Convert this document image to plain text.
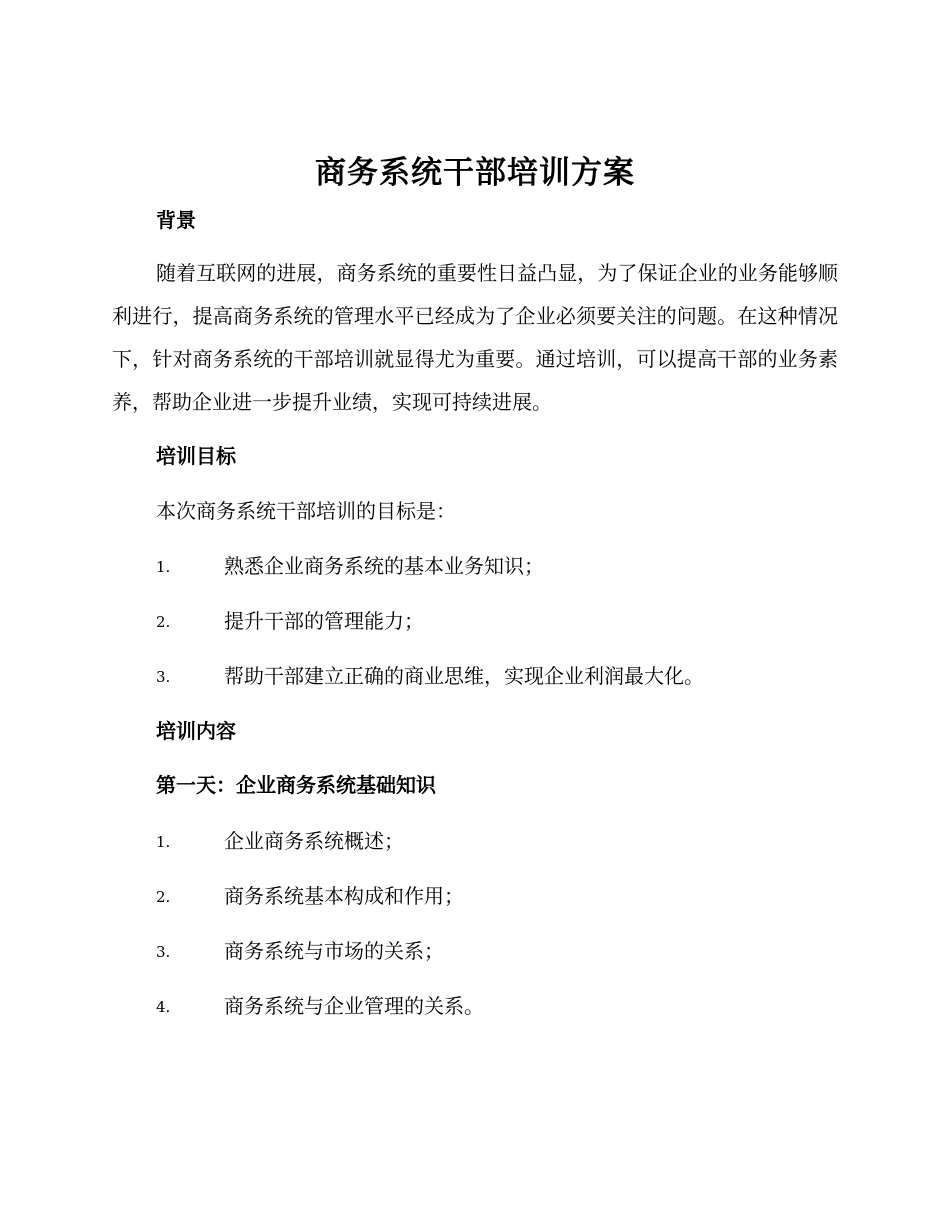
商务系统干部培训方案
背景
随着互联网的进展，商务系统的重要性日益凸显，为了保证企业的业务能够顺利进行，提高商务系统的管理水平已经成为了企业必须要关注的问题。在这种情况下，针对商务系统的干部培训就显得尤为重要。通过培训，可以提高干部的业务素养，帮助企业进一步提升业绩，实现可持续进展。
培训目标
本次商务系统干部培训的目标是：
1.	熟悉企业商务系统的基本业务知识；
2.	提升干部的管理能力；
3.	帮助干部建立正确的商业思维，实现企业利润最大化。
培训内容
第一天：企业商务系统基础知识
1.	企业商务系统概述；
2.	商务系统基本构成和作用；
3.	商务系统与市场的关系；
4.	商务系统与企业管理的关系。
